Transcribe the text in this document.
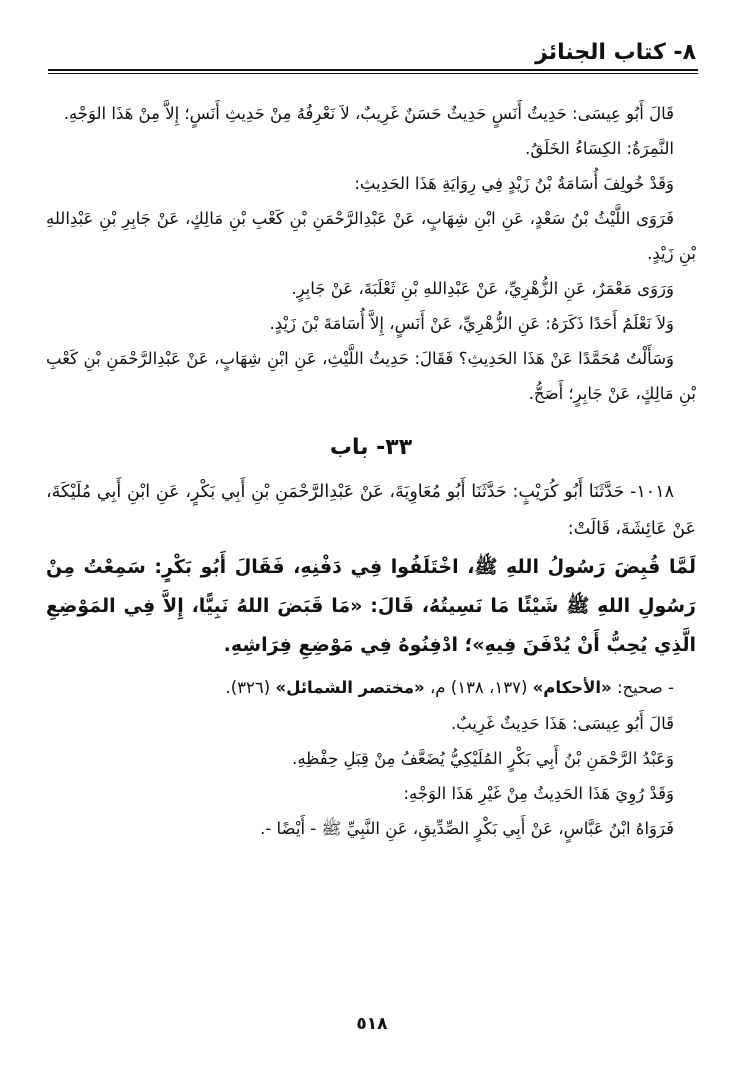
٨- كتاب الجنائز

قَالَ أَبُو عِيسَى: حَدِيثُ أَنَسٍ حَدِيثٌ حَسَنٌ غَرِيبٌ، لاَ نَعْرِفُهُ مِنْ حَدِيثِ أَنَسٍ؛ إِلاَّ مِنْ هَذَا الوَجْهِ.

النَّمِرَةُ: الكِسَاءُ الخَلَقُ.

وَقَدْ خُولِفَ أُسَامَةُ بْنُ زَيْدٍ فِي رِوَايَةِ هَذَا الحَدِيثِ:

فَرَوَى اللَّيْثُ بْنُ سَعْدٍ، عَنِ ابْنِ شِهَابٍ، عَنْ عَبْدِالرَّحْمَنِ بْنِ كَعْبِ بْنِ مَالِكٍ، عَنْ جَابِرِ بْنِ عَبْدِاللهِ بْنِ زَيْدٍ.

وَرَوَى مَعْمَرٌ، عَنِ الزُّهْرِيِّ، عَنْ عَبْدِاللهِ بْنِ ثَعْلَبَةَ، عَنْ جَابِرٍ.

وَلاَ نَعْلَمُ أَحَدًا ذَكَرَهُ: عَنِ الزُّهْرِيِّ، عَنْ أَنَسٍ، إِلاَّ أُسَامَةَ بْنَ زَيْدٍ.

وَسَأَلْتُ مُحَمَّدًا عَنْ هَذَا الحَدِيثِ؟ فَقَالَ: حَدِيثُ اللَّيْثِ، عَنِ ابْنِ شِهَابٍ، عَنْ عَبْدِالرَّحْمَنِ بْنِ كَعْبِ بْنِ مَالِكٍ، عَنْ جَابِرٍ؛ أَصَحُّ.

٣٣- باب

١٠١٨- حَدَّثَنَا أَبُو كُرَيْبٍ: حَدَّثَنَا أَبُو مُعَاوِيَةَ، عَنْ عَبْدِالرَّحْمَنِ بْنِ أَبِي بَكْرٍ، عَنِ ابْنِ أَبِي مُلَيْكَةَ، عَنْ عَائِشَةَ، قَالَتْ:

لَمَّا قُبِضَ رَسُولُ اللهِ ﷺ، اخْتَلَفُوا فِي دَفْنِهِ، فَقَالَ أَبُو بَكْرٍ: سَمِعْتُ مِنْ رَسُولِ اللهِ ﷺ شَيْئًا مَا نَسِيتُهُ، قَالَ: «مَا قَبَضَ اللهُ نَبِيًّا، إِلاَّ فِي المَوْضِعِ الَّذِي يُحِبُّ أَنْ يُدْفَنَ فِيهِ»؛ ادْفِنُوهُ فِي مَوْضِعِ فِرَاشِهِ.

- صحيح: «الأحكام» (١٣٧، ١٣٨) م، «مختصر الشمائل» (٣٢٦).

قَالَ أَبُو عِيسَى: هَذَا حَدِيثٌ غَرِيبٌ.

وَعَبْدُ الرَّحْمَنِ بْنُ أَبِي بَكْرٍ المُلَيْكِيُّ يُضَعَّفُ مِنْ قِبَلِ حِفْظِهِ.

وَقَدْ رُوِيَ هَذَا الحَدِيثُ مِنْ غَيْرِ هَذَا الوَجْهِ:

فَرَوَاهُ ابْنُ عَبَّاسٍ، عَنْ أَبِي بَكْرٍ الصِّدِّيقِ، عَنِ النَّبِيِّ ﷺ - أَيْضًا -.

٥١٨
